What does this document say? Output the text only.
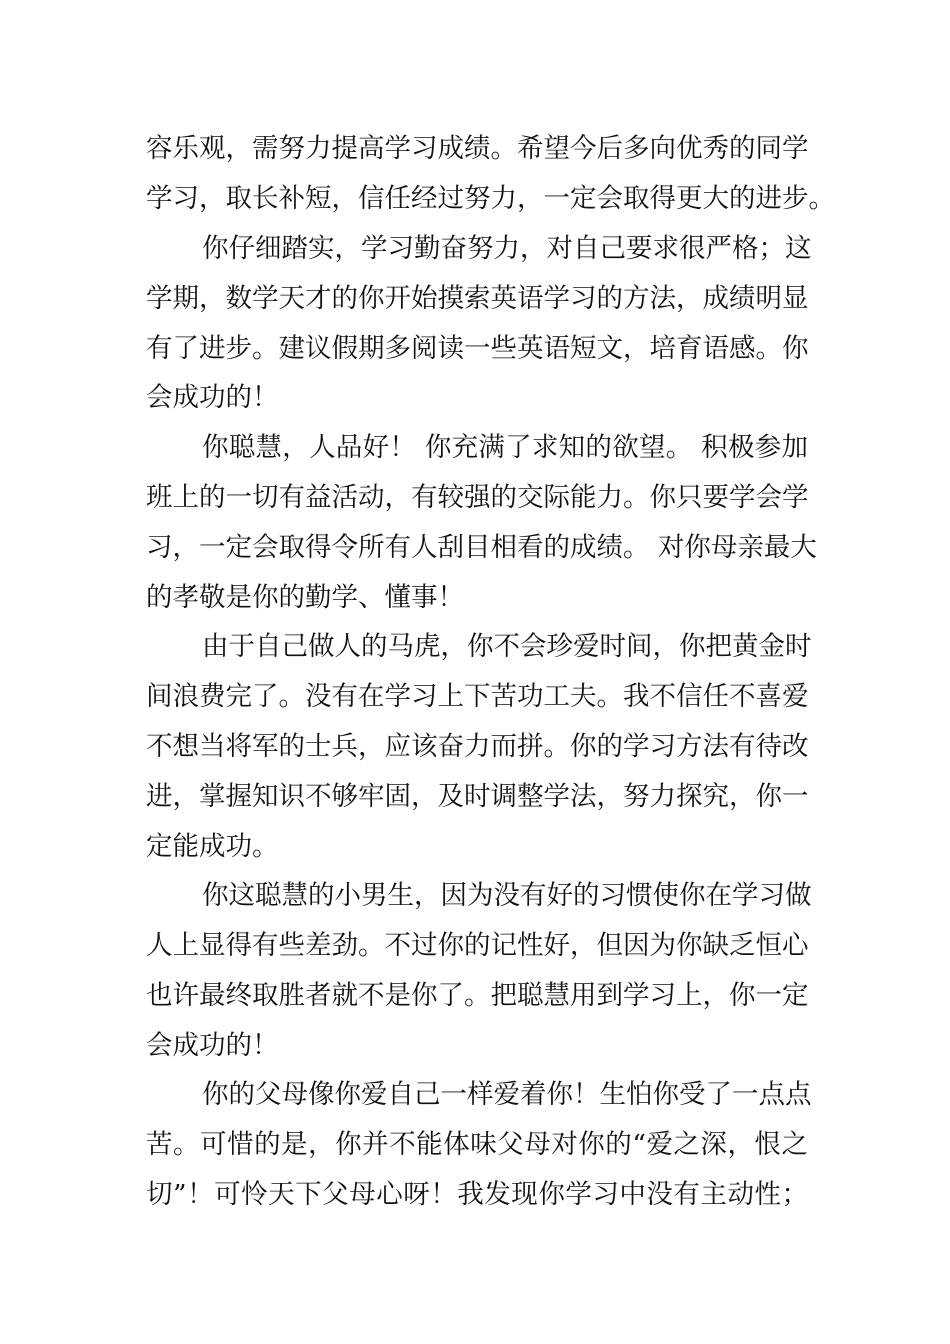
容乐观，需努力提高学习成绩。希望今后多向优秀的同学
学习，取长补短，信任经过努力，一定会取得更大的进步。
你仔细踏实，学习勤奋努力，对自己要求很严格；这
学期，数学天才的你开始摸索英语学习的方法，成绩明显
有了进步。建议假期多阅读一些英语短文，培育语感。你
会成功的！
你聪慧，人品好！ 你充满了求知的欲望。 积极参加
班上的一切有益活动，有较强的交际能力。你只要学会学
习，一定会取得令所有人刮目相看的成绩。 对你母亲最大
的孝敬是你的勤学、懂事！
由于自己做人的马虎，你不会珍爱时间，你把黄金时
间浪费完了。没有在学习上下苦功工夫。我不信任不喜爱
不想当将军的士兵，应该奋力而拼。你的学习方法有待改
进，掌握知识不够牢固，及时调整学法，努力探究，你一
定能成功。
你这聪慧的小男生，因为没有好的习惯使你在学习做
人上显得有些差劲。不过你的记性好，但因为你缺乏恒心
也许最终取胜者就不是你了。把聪慧用到学习上，你一定
会成功的！
你的父母像你爱自己一样爱着你！生怕你受了一点点
苦。可惜的是，你并不能体味父母对你的“爱之深，恨之
切”！可怜天下父母心呀！我发现你学习中没有主动性；
